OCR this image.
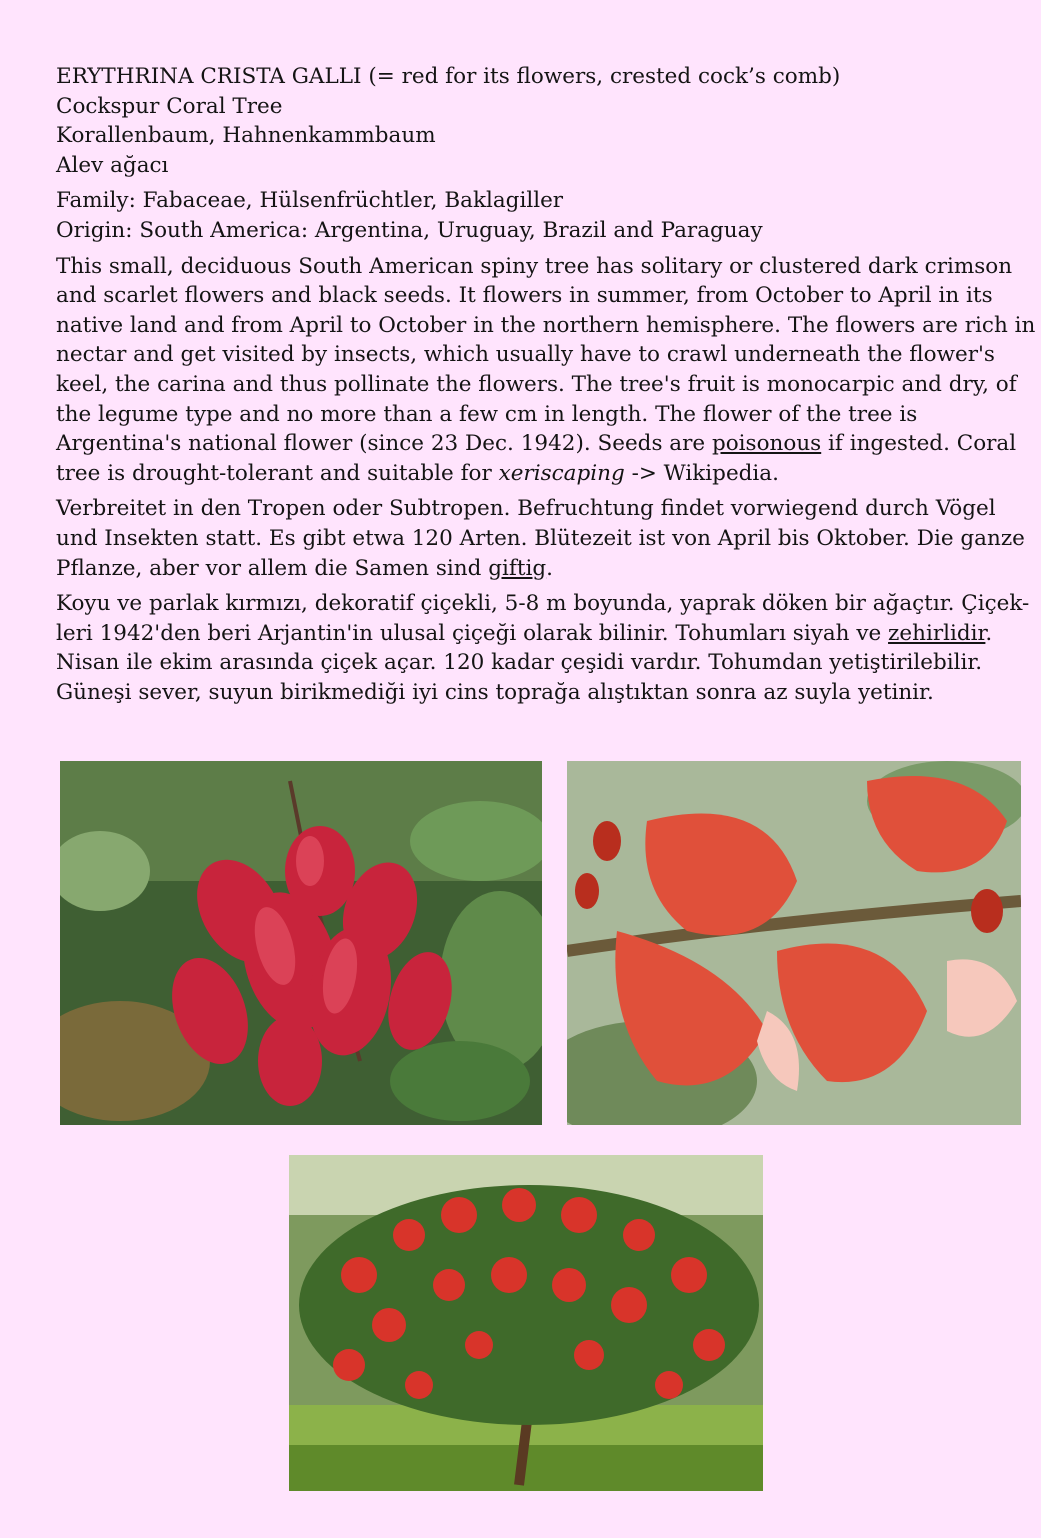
ERYTHRINA CRISTA GALLI (= red for its flowers, crested cock’s comb)
Cockspur Coral Tree
Korallenbaum, Hahnenkammbaum
Alev ağacı

Family: Fabaceae, Hülsenfrüchtler, Baklagiller
Origin: South America: Argentina, Uruguay, Brazil and Paraguay

This small, deciduous South American spiny tree has solitary or clustered dark crimson
and scarlet flowers and black seeds. It flowers in summer, from October to April in its
native land and from April to October in the northern hemisphere. The flowers are rich in
nectar and get visited by insects, which usually have to crawl underneath the flower's
keel, the carina and thus pollinate the flowers. The tree's fruit is monocarpic and dry, of
the legume type and no more than a few cm in length. The flower of the tree is
Argentina's national flower (since 23 Dec. 1942). Seeds are poisonous if ingested. Coral
tree is drought-tolerant and suitable for xeriscaping -> Wikipedia.

Verbreitet in den Tropen oder Subtropen. Befruchtung findet vorwiegend durch Vögel
und Insekten statt. Es gibt etwa 120 Arten. Blütezeit ist von April bis Oktober. Die ganze
Pflanze, aber vor allem die Samen sind giftig.

Koyu ve parlak kırmızı, dekoratif çiçekli, 5-8 m boyunda, yaprak döken bir ağaçtır. Çiçek-
leri 1942'den beri Arjantin'in ulusal çiçeği olarak bilinir. Tohumları siyah ve zehirlidir.
Nisan ile ekim arasında çiçek açar. 120 kadar çeşidi vardır. Tohumdan yetiştirilebilir.
Güneşi sever, suyun birikmediği iyi cins toprağa alıştıktan sonra az suyla yetinir.
